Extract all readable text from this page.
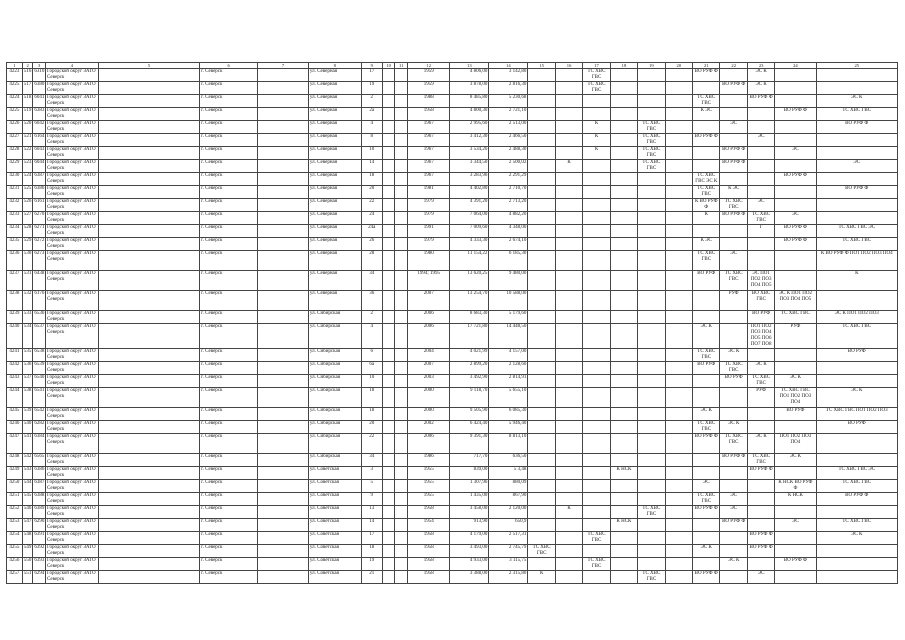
1	2	3	4	5	6	7	8	9	10	11	12	13	14	15	16	17	18	19	20	21	22	23	24	25
4223	516	6310	Городской округ ЗАТО Северск		г. Северск		ул. Северная	17			1959	4 806,00	3 142,80			ТС ХВС ГВС				ВО РУФ Ф		ЭС К		
4225	517	6380	Городской округ ЗАТО Северск		г. Северск		ул. Северная	19			1959	3 878,00	2 816,30			ТС ХВС ГВС					ВО РУФ Ф	ЭС К		
4224	518	6041	Городской округ ЗАТО Северск		г. Северск		ул. Северная	2			1988	8 485,80	5 230,68							ТС ХВС ГВС		ВО РУФ Ф		ЭС К
4225	519	6383	Городской округ ЗАТО Северск		г. Северск		ул. Северная	2а			1958	4 800,30	2 721,10							К ЭС			ВО РУФ Ф	ТС ХВС ГВС
4226	520	6042	Городской округ ЗАТО Северск		г. Северск		ул. Северная	4			1967	2 995,60	2 513,00			К		ТС ХВС ГВС			ЭС			ВО РУФ Ф
4227	521	6164	Городской округ ЗАТО Северск		г. Северск		ул. Северная	8			1967	3 412,30	2 466,50			К		ТС ХВС ГВС		ВО РУФ Ф		ЭС		
4228	522	6043	Городской округ ЗАТО Северск		г. Северск		ул. Северная	10			1967	3 534,26	2 488,30			К		ТС ХВС ГВС			ВО РУФ Ф		ЭС	
4229	523	6044	Городской округ ЗАТО Северск		г. Северск		ул. Северная	14			1967	3 344,50	2 500,02		К			ТС ХВС ГВС			ВО РУФ Ф			ЭС
4230	524	6387	Городской округ ЗАТО Северск		г. Северск		ул. Северная	18			1967	3 283,96	2 291,29							ТС ХВС ГВС ЭС К			ВО РУФ Ф	
4231	525	6386	Городской округ ЗАТО Северск		г. Северск		ул. Северная	20			1981	4 402,80	2 710,70							ТС ХВС ГВС	К ЭС			ВО РУФ Ф
4232	526	6161	Городской округ ЗАТО Северск		г. Северск		ул. Северная	22			1979	4 391,20	2 713,20							К ВО РУФ Ф	ТС ХВС ГВС	ЭС		
4233	527	6270	Городской округ ЗАТО Северск		г. Северск		ул. Северная	24			1979	7 064,00	4 882,20							К	ВО РУФ Ф	ТС ХВС ГВС	ЭС	
4234	528	6271	Городской округ ЗАТО Северск		г. Северск		ул. Северная	24а			1991	7 009,60	4 348,00									Г	ВО РУФ Ф	ТС ХВС ГВС ЭС
4235	529	6272	Городской округ ЗАТО Северск		г. Северск		ул. Северная	26			1979	4 333,30	2 674,10							К ЭС			ВО РУФ Ф	ТС ХВС ГВС
4236	530	6273	Городской округ ЗАТО Северск		г. Северск		ул. Северная	28			1980	11 154,22	6 185,30							ТС ХВС ГВС	ЭС			К ВО РУФ Ф ПО1 ПО2 ПО3 ПО4
4237	531	6438	Городской округ ЗАТО Северск		г. Северск		ул. Северная	34			1994; 1995	13 620,25	9 480,00							ВО РУФ	ТС ХВС ГВС	ЭС ПО1 ПО2 ПО3 ПО4 ПО5		К
4238	532	6176	Городской округ ЗАТО Северск		г. Северск		ул. Северная	36			2007	13 254,70	10 588,00								РУФ	ВО ХВС ГВС	ЭС К ПО1 ПО2 ПО3 ПО4 ПО5	
4239	533	6536	Городской округ ЗАТО Северск		г. Северск		ул. Сибирская	2			2006	8 683,30	5 179,60									ВО РУФ	ТС ХВС ГВС	ЭС К ПО1 ПО2 ПО3
4240	534	6537	Городской округ ЗАТО Северск		г. Северск		ул. Сибирская	4			2006	17 721,80	14 448,50							ЭС К		ПО1 ПО2 ПО3 ПО4 ПО5 ПО6 ПО7 ПО8	РУФ	ТС ХВС ГВС
4241	535	6538	Городской округ ЗАТО Северск		г. Северск		ул. Сибирская	6			2004	4 021,99	4 157,00							ТС ХВС ГВС	ЭС К			ВО РУФ
4242	536	6539	Городской округ ЗАТО Северск		г. Северск		ул. Сибирская	6а			2007	2 899,20	2 128,60							ВО РУФ	ТС ХВС ГВС	ЭС К		
4243	537	6540	Городской округ ЗАТО Северск		г. Северск		ул. Сибирская	10			2003	3 492,90	2 814,91								ВО РУФ	ТС ХВС ГВС	ЭС К	
4244	538	6541	Городской округ ЗАТО Северск		г. Северск		ул. Сибирская	18			2000	9 118,70	5 655,10									РУФ	ТС ХВС ГВС ПО1 ПО2 ПО3 ПО4	ЭС К
4245	539	6542	Городской округ ЗАТО Северск		г. Северск		ул. Сибирская	18			2000	9 505,90	6 085,30							ЭС К			ВО РУФ	ТС ХВС ГВС ПО1 ПО2 ПО3
4246	540	6282	Городской округ ЗАТО Северск		г. Северск		ул. Сибирская	20			2002	6 424,40	5 946,40							ТС ХВС ГВС	ЭС К			ВО РУФ
4247	541	6384	Городской округ ЗАТО Северск		г. Северск		ул. Сибирская	22			2006	9 391,30	8 813,10							ВО РУФ Ф	ТС ХВС ГВС	ЭС К	ПО1 ПО2 ПО3 ПО4	
4248	542	6565	Городской округ ЗАТО Северск		г. Северск		ул. Сибирская	34			1986	717,70	636,50								ВО РУФ Ф	ТС ХВС ГВС	ЭС К	
4249	543	6386	Городской округ ЗАТО Северск		г. Северск		ул. Советская	3			1955	839,00	5 3,48				К НСК					ВО РУФ Ф		ТС ХВС ГВС ЭС
4250	544	6387	Городской округ ЗАТО Северск		г. Северск		ул. Советская	5			1955	1 307,96	880,09							ЭС			К НСК ВО РУФ Ф	ТС ХВС ГВС
4251	545	6388	Городской округ ЗАТО Северск		г. Северск		ул. Советская	9			1955	1 435,00	867,90							ТС ХВС ГВС	ЭС		К НСК	ВО РУФ Ф
4252	546	6389	Городской округ ЗАТО Северск		г. Северск		ул. Советская	13			1958	3 458,00	2 120,00		К			ТС ХВС ГВС		ВО РУФ Ф	ЭС			
4253	547	6290	Городской округ ЗАТО Северск		г. Северск		ул. Советская	14			1954	913,90	650,9				К НСК				ВО РУФ Ф		ЭС	ТС ХВС ГВС
4254	548	6391	Городской округ ЗАТО Северск		г. Северск		ул. Советская	17			1958	4 179,00	2 517,31			ТС ХВС ГВС						ВО РУФ Ф		ЭС К
4255	549	6392	Городской округ ЗАТО Северск		г. Северск		ул. Советская	18			1958	3 493,00	2 745,79	ТС ХВС ГВС						ЭС К		ВО РУФ Ф		
4256	550	6393	Городской округ ЗАТО Северск		г. Северск		ул. Советская	19			1958	4 933,00	3 115,75			ТС ХВС ГВС					ЭС К		ВО РУФ Ф	
4257	551	6294	Городской округ ЗАТО Северск		г. Северск		ул. Советская	21			1958	3 388,00	2 315,80	К				ТС ХВС ГВС		ВО РУФ Ф		ЭС		
